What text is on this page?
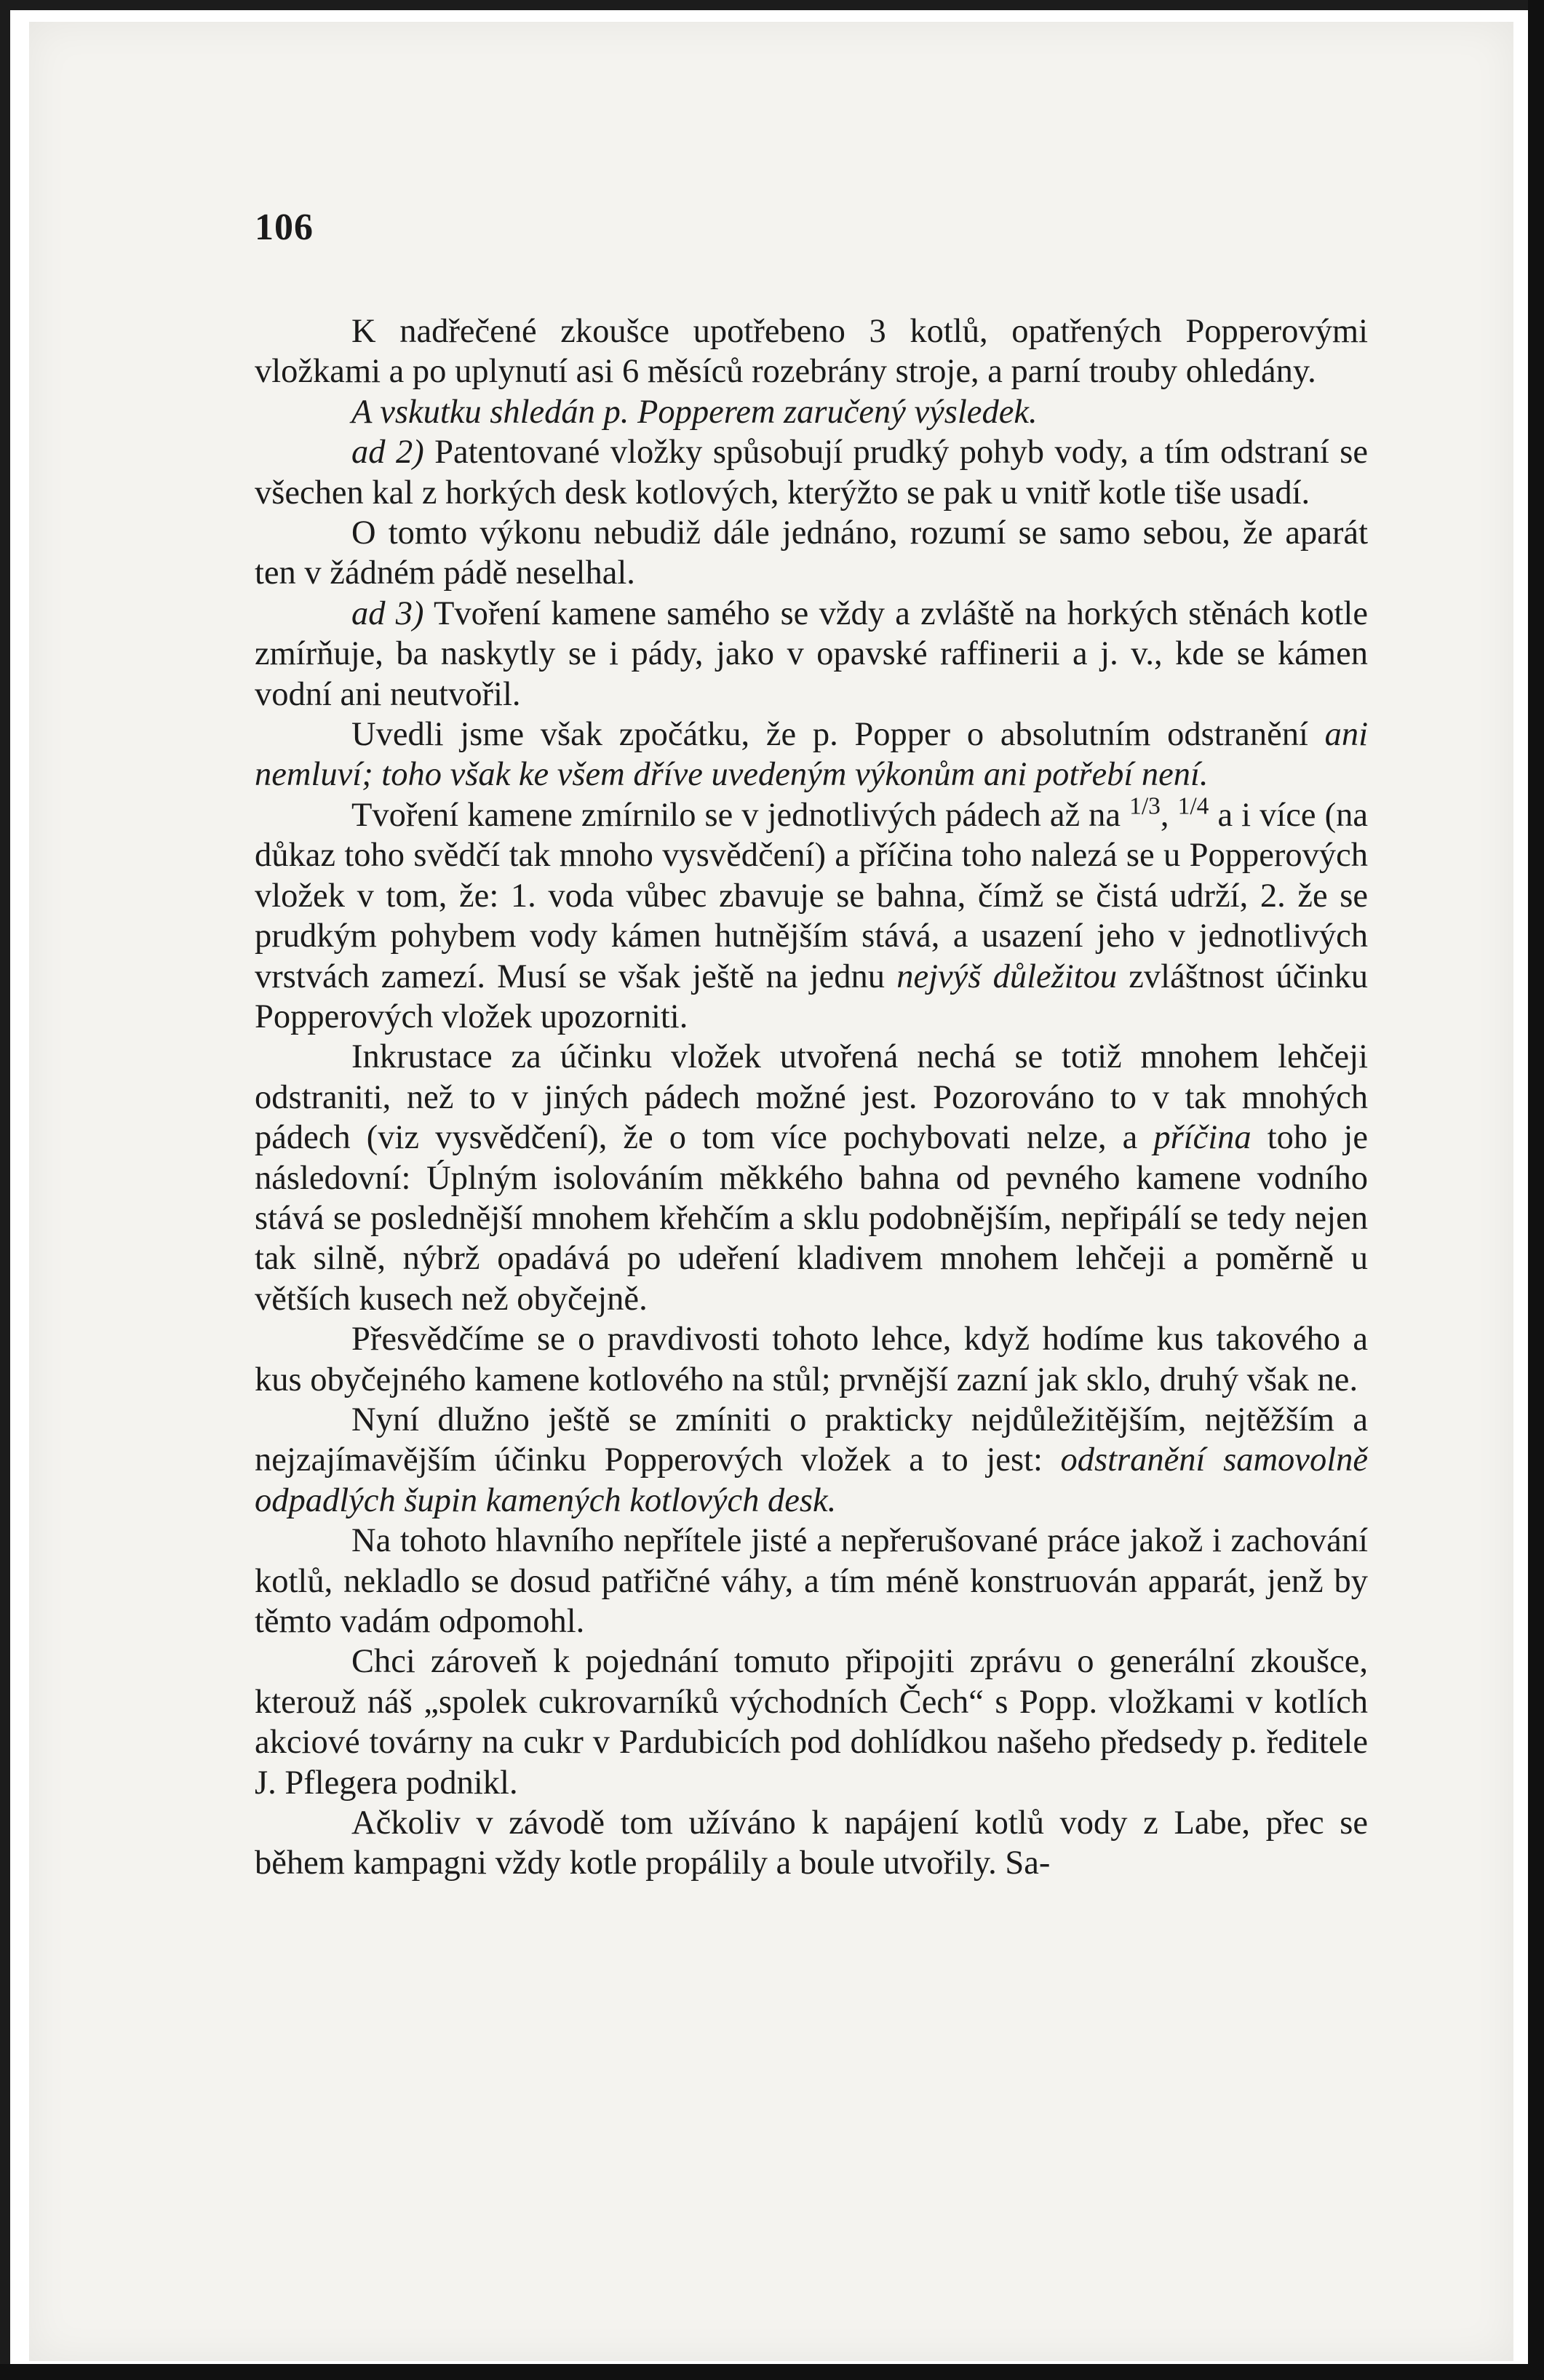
106

K nadřečené zkoušce upotřebeno 3 kotlů, opatřených Popperovými vložkami a po uplynutí asi 6 měsíců rozebrány stroje, a parní trouby ohledány.

A vskutku shledán p. Popperem zaručený výsledek.

ad 2) Patentované vložky spůsobují prudký pohyb vody, a tím odstraní se všechen kal z horkých desk kotlových, kterýžto se pak u vnitř kotle tiše usadí.

O tomto výkonu nebudiž dále jednáno, rozumí se samo sebou, že aparát ten v žádném pádě neselhal.

ad 3) Tvoření kamene samého se vždy a zvláště na horkých stěnách kotle zmírňuje, ba naskytly se i pády, jako v opavské raffinerii a j. v., kde se kámen vodní ani neutvořil.

Uvedli jsme však zpočátku, že p. Popper o absolutním odstranění ani nemluví; toho však ke všem dříve uvedeným výkonům ani potřebí není.

Tvoření kamene zmírnilo se v jednotlivých pádech až na $^{1/3}$, $^{1/4}$ a i více (na důkaz toho svědčí tak mnoho vysvědčení) a příčina toho nalezá se u Popperových vložek v tom, že: 1. voda vůbec zbavuje se bahna, čímž se čistá udrží, 2. že se prudkým pohybem vody kámen hutnějším stává, a usazení jeho v jednotlivých vrstvách zamezí. Musí se však ještě na jednu nejvýš důležitou zvláštnost účinku Popperových vložek upozorniti.

Inkrustace za účinku vložek utvořená nechá se totiž mnohem lehčeji odstraniti, než to v jiných pádech možné jest. Pozorováno to v tak mnohých pádech (viz vysvědčení), že o tom více pochybovati nelze, a příčina toho je následovní: Úplným isolováním měkkého bahna od pevného kamene vodního stává se poslednější mnohem křehčím a sklu podobnějším, nepřipálí se tedy nejen tak silně, nýbrž opadává po udeření kladivem mnohem lehčeji a poměrně u větších kusech než obyčejně.

Přesvědčíme se o pravdivosti tohoto lehce, když hodíme kus takového a kus obyčejného kamene kotlového na stůl; prvnější zazní jak sklo, druhý však ne.

Nyní dlužno ještě se zmíniti o prakticky nejdůležitějším, nejtěžším a nejzajímavějším účinku Popperových vložek a to jest: odstranění samovolně odpadlých šupin kamených kotlových desk.

Na tohoto hlavního nepřítele jisté a nepřerušované práce jakož i zachování kotlů, nekladlo se dosud patřičné váhy, a tím méně konstruován apparát, jenž by těmto vadám odpomohl.

Chci zároveň k pojednání tomuto připojiti zprávu o generální zkoušce, kterouž náš „spolek cukrovarníků východních Čech“ s Popp. vložkami v kotlích akciové továrny na cukr v Pardubicích pod dohlídkou našeho předsedy p. ředitele J. Pflegera podnikl.

Ačkoliv v závodě tom užíváno k napájení kotlů vody z Labe, přec se během kampagni vždy kotle propálily a boule utvořily. Sa-
